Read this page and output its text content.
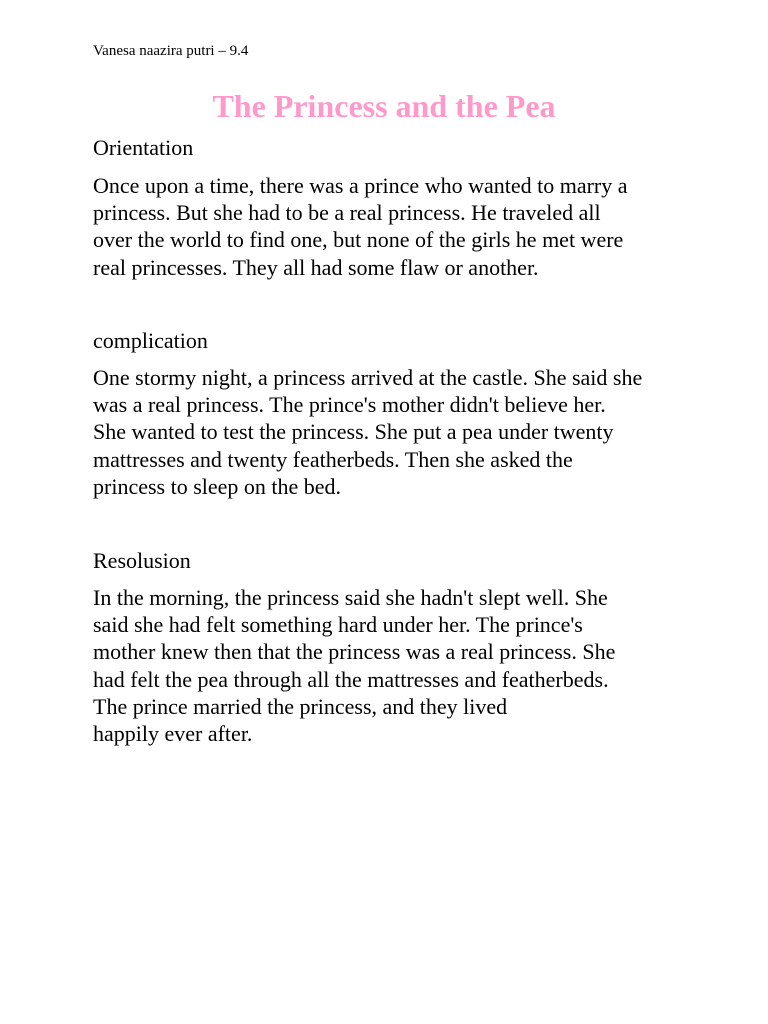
Vanesa naazira putri – 9.4
The Princess and the Pea
Orientation

Once upon a time, there was a prince who wanted to marry a
princess. But she had to be a real princess. He traveled all
over the world to find one, but none of the girls he met were
real princesses. They all had some flaw or another.

complication

One stormy night, a princess arrived at the castle. She said she
was a real princess. The prince's mother didn't believe her.
She wanted to test the princess. She put a pea under twenty
mattresses and twenty featherbeds. Then she asked the
princess to sleep on the bed.

Resolusion

In the morning, the princess said she hadn't slept well. She
said she had felt something hard under her. The prince's
mother knew then that the princess was a real princess. She
had felt the pea through all the mattresses and featherbeds.
The prince married the princess, and they lived
happily ever after.
